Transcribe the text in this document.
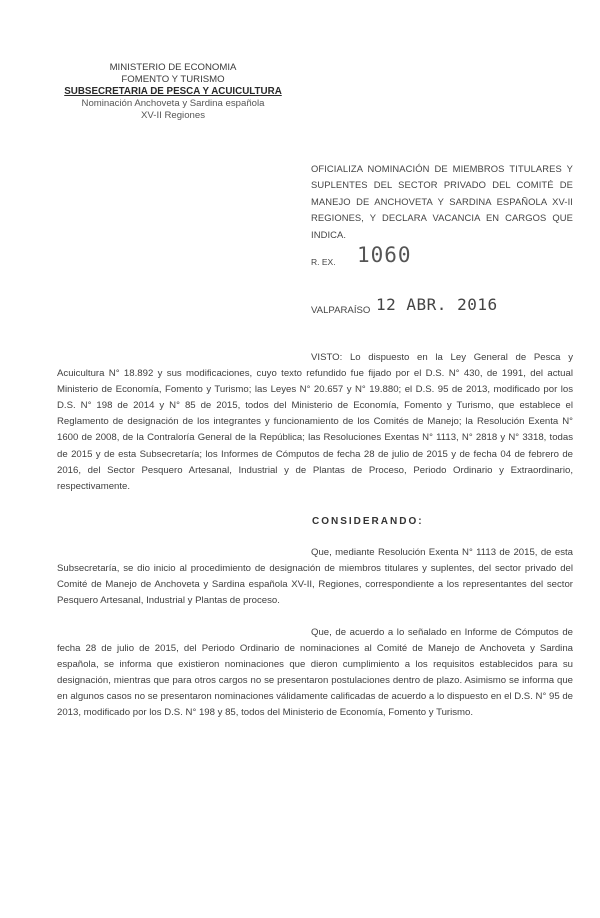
MINISTERIO DE ECONOMIA
FOMENTO Y TURISMO
SUBSECRETARIA DE PESCA Y ACUICULTURA
Nominación Anchoveta y Sardina española
XV-II Regiones
OFICIALIZA NOMINACIÓN DE MIEMBROS TITULARES Y SUPLENTES DEL SECTOR PRIVADO DEL COMITÉ DE MANEJO DE ANCHOVETA Y SARDINA ESPAÑOLA XV-II REGIONES, Y DECLARA VACANCIA EN CARGOS QUE INDICA.
R. EX. 1060
VALPARAÍSO 12 ABR. 2016
VISTO: Lo dispuesto en la Ley General de Pesca y Acuicultura N° 18.892 y sus modificaciones, cuyo texto refundido fue fijado por el D.S. N° 430, de 1991, del actual Ministerio de Economía, Fomento y Turismo; las Leyes N° 20.657 y N° 19.880; el D.S. 95 de 2013, modificado por los D.S. N° 198 de 2014 y N° 85 de 2015, todos del Ministerio de Economía, Fomento y Turismo, que establece el Reglamento de designación de los integrantes y funcionamiento de los Comités de Manejo; la Resolución Exenta N° 1600 de 2008, de la Contraloría General de la República; las Resoluciones Exentas N° 1113, N° 2818 y N° 3318, todas de 2015 y de esta Subsecretaría; los Informes de Cómputos de fecha 28 de julio de 2015 y de fecha 04 de febrero de 2016, del Sector Pesquero Artesanal, Industrial y de Plantas de Proceso, Periodo Ordinario y Extraordinario, respectivamente.
CONSIDERANDO:
Que, mediante Resolución Exenta N° 1113 de 2015, de esta Subsecretaría, se dio inicio al procedimiento de designación de miembros titulares y suplentes, del sector privado del Comité de Manejo de Anchoveta y Sardina española XV-II, Regiones, correspondiente a los representantes del sector Pesquero Artesanal, Industrial y Plantas de proceso.
Que, de acuerdo a lo señalado en Informe de Cómputos de fecha 28 de julio de 2015, del Periodo Ordinario de nominaciones al Comité de Manejo de Anchoveta y Sardina española, se informa que existieron nominaciones que dieron cumplimiento a los requisitos establecidos para su designación, mientras que para otros cargos no se presentaron postulaciones dentro de plazo. Asimismo se informa que en algunos casos no se presentaron nominaciones válidamente calificadas de acuerdo a lo dispuesto en el D.S. N° 95 de 2013, modificado por los D.S. N° 198 y 85, todos del Ministerio de Economía, Fomento y Turismo.
